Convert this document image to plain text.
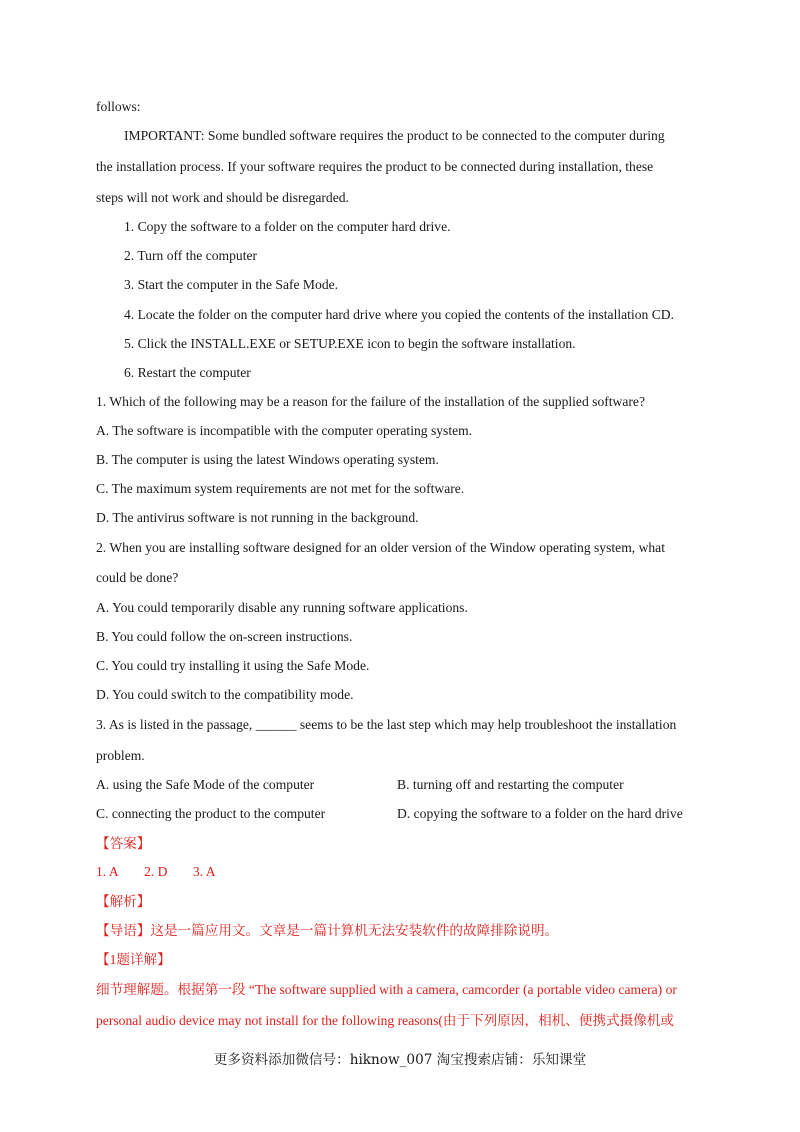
follows:
IMPORTANT: Some bundled software requires the product to be connected to the computer during
the installation process. If your software requires the product to be connected during installation, these
steps will not work and should be disregarded.
1. Copy the software to a folder on the computer hard drive.
2. Turn off the computer
3. Start the computer in the Safe Mode.
4. Locate the folder on the computer hard drive where you copied the contents of the installation CD.
5. Click the INSTALL.EXE or SETUP.EXE icon to begin the software installation.
6. Restart the computer
1. Which of the following may be a reason for the failure of the installation of the supplied software?
A. The software is incompatible with the computer operating system.
B. The computer is using the latest Windows operating system.
C. The maximum system requirements are not met for the software.
D. The antivirus software is not running in the background.
2. When you are installing software designed for an older version of the Window operating system, what
could be done?
A. You could temporarily disable any running software applications.
B. You could follow the on-screen instructions.
C. You could try installing it using the Safe Mode.
D. You could switch to the compatibility mode.
3. As is listed in the passage, ______ seems to be the last step which may help troubleshoot the installation
problem.
A. using the Safe Mode of the computer	B. turning off and restarting the computer
C. connecting the product to the computer	D. copying the software to a folder on the hard drive
【答案】
1. A 2. D 3. A
【解析】
【导语】这是一篇应用文。文章是一篇计算机无法安装软件的故障排除说明。
【1题详解】
细节理解题。根据第一段 “The software supplied with a camera, camcorder (a portable video camera) or
personal audio device may not install for the following reasons(由于下列原因，相机、便携式摄像机或
更多资料添加微信号：hiknow_007 淘宝搜索店铺：乐知课堂
